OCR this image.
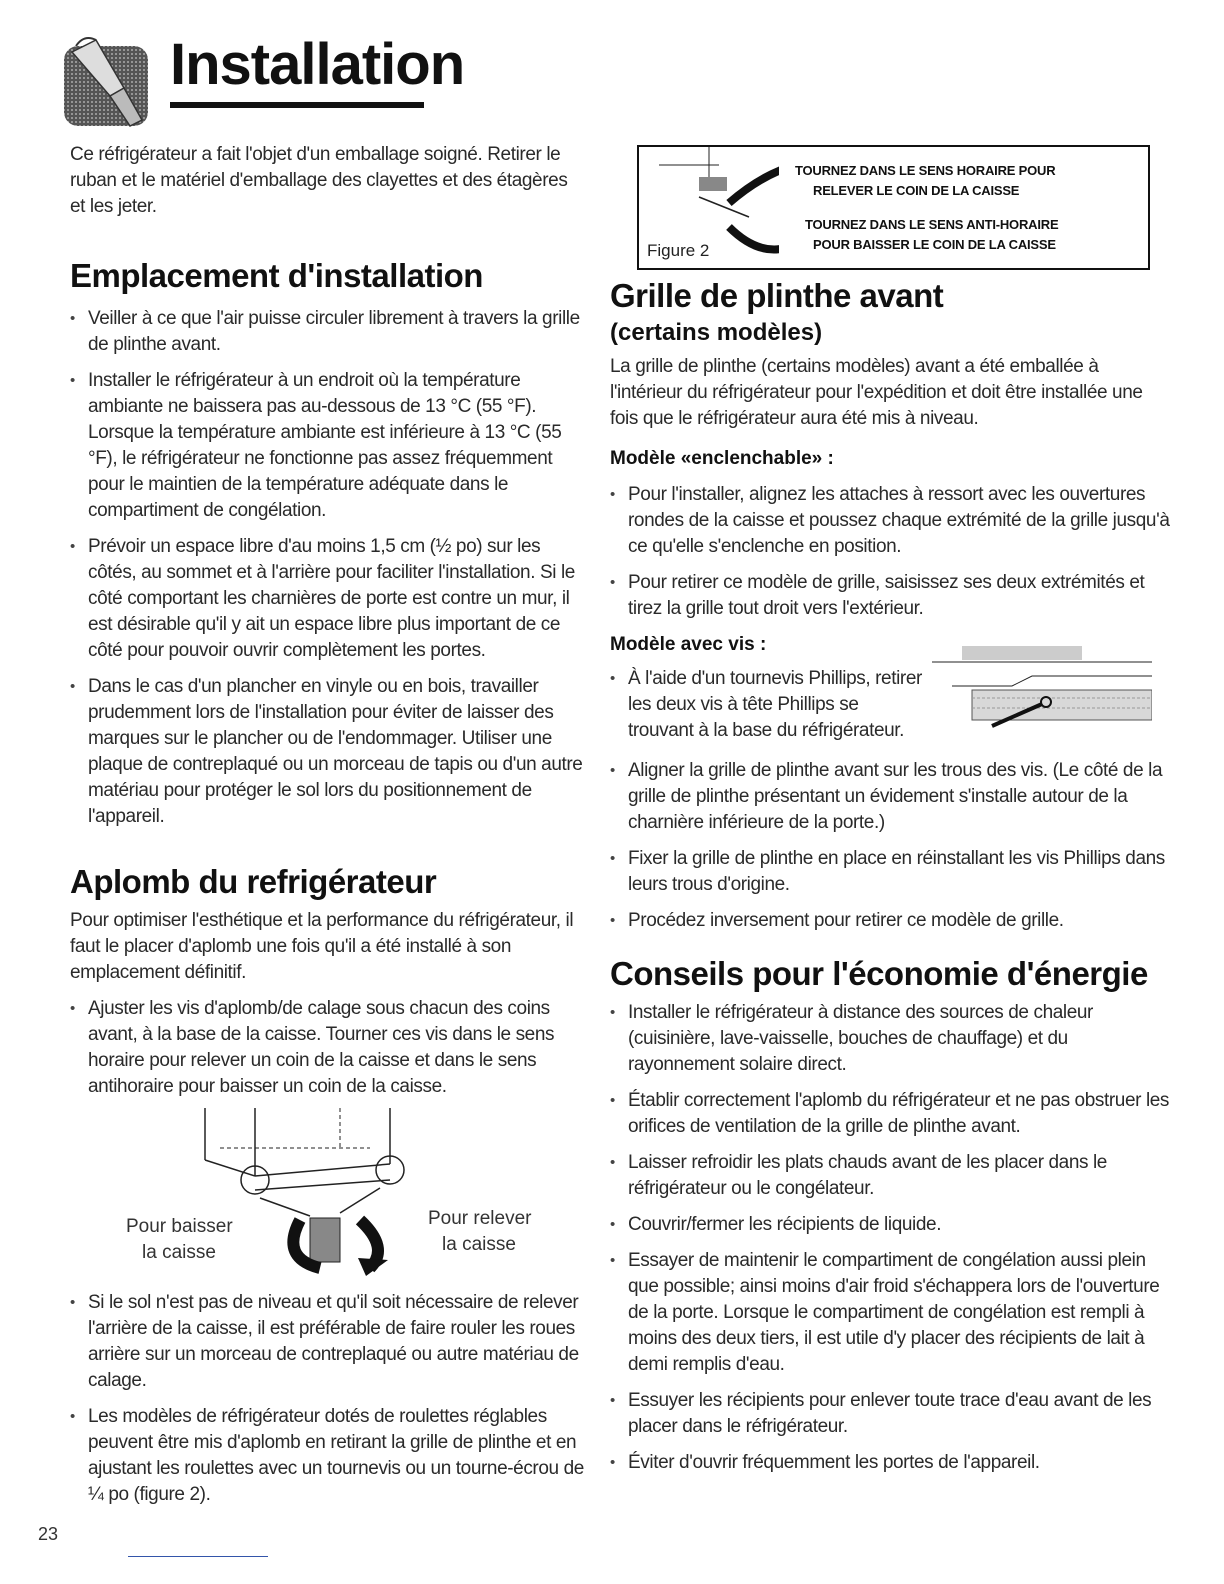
Installation

Ce réfrigérateur a fait l'objet d'un emballage soigné. Retirer le ruban et le matériel d'emballage des clayettes et des étagères et les jeter.

Emplacement d'installation
• Veiller à ce que l'air puisse circuler librement à travers la grille de plinthe avant.
• Installer le réfrigérateur à un endroit où la température ambiante ne baissera pas au-dessous de 13 °C (55 °F). Lorsque la température ambiante est inférieure à 13 °C (55 °F), le réfrigérateur ne fonctionne pas assez fréquemment pour le maintien de la température adéquate dans le compartiment de congélation.
• Prévoir un espace libre d'au moins 1,5 cm (½ po) sur les côtés, au sommet et à l'arrière pour faciliter l'installation. Si le côté comportant les charnières de porte est contre un mur, il est désirable qu'il y ait un espace libre plus important de ce côté pour pouvoir ouvrir complètement les portes.
• Dans le cas d'un plancher en vinyle ou en bois, travailler prudemment lors de l'installation pour éviter de laisser des marques sur le plancher ou de l'endommager. Utiliser une plaque de contreplaqué ou un morceau de tapis ou d'un autre matériau pour protéger le sol lors du positionnement de l'appareil.
Aplomb du refrigérateur

Pour optimiser l'esthétique et la performance du réfrigérateur, il faut le placer d'aplomb une fois qu'il a été installé à son emplacement définitif.

• Ajuster les vis d'aplomb/de calage sous chacun des coins avant, à la base de la caisse. Tourner ces vis dans le sens horaire pour relever un coin de la caisse et dans le sens antihoraire pour baisser un coin de la caisse.
Pour baisser
la caisse
Pour relever
la caisse
• Si le sol n'est pas de niveau et qu'il soit nécessaire de relever l'arrière de la caisse, il est préférable de faire rouler les roues arrière sur un morceau de contreplaqué ou autre matériau de calage.
• Les modèles de réfrigérateur dotés de roulettes réglables peuvent être mis d'aplomb en retirant la grille de plinthe et en ajustant les roulettes avec un tournevis ou un tourne-écrou de ¼ po (figure 2).
TOURNEZ DANS LE SENS HORAIRE POUR
RELEVER LE COIN DE LA CAISSE
TOURNEZ DANS LE SENS ANTI-HORAIRE
POUR BAISSER LE COIN DE LA CAISSE
Figure 2
Grille de plinthe avant
(certains modèles)

La grille de plinthe (certains modèles) avant a été emballée à l'intérieur du réfrigérateur pour l'expédition et doit être installée une fois que le réfrigérateur aura été mis à niveau.

Modèle «enclenchable» :
• Pour l'installer, alignez les attaches à ressort avec les ouvertures rondes de la caisse et poussez chaque extrémité de la grille jusqu'à ce qu'elle s'enclenche en position.
• Pour retirer ce modèle de grille, saisissez ses deux extrémités et tirez la grille tout droit vers l'extérieur.
Modèle avec vis :
• À l'aide d'un tournevis Phillips, retirer les deux vis à tête Phillips se trouvant à la base du réfrigérateur.
• Aligner la grille de plinthe avant sur les trous des vis. (Le côté de la grille de plinthe présentant un évidement s'installe autour de la charnière inférieure de la porte.)
• Fixer la grille de plinthe en place en réinstallant les vis Phillips dans leurs trous d'origine.
• Procédez inversement pour retirer ce modèle de grille.
Conseils pour l'économie d'énergie
• Installer le réfrigérateur à distance des sources de chaleur (cuisinière, lave-vaisselle, bouches de chauffage) et du rayonnement solaire direct.
• Établir correctement l'aplomb du réfrigérateur et ne pas obstruer les orifices de ventilation de la grille de plinthe avant.
• Laisser refroidir les plats chauds avant de les placer dans le réfrigérateur ou le congélateur.
• Couvrir/fermer les récipients de liquide.
• Essayer de maintenir le compartiment de congélation aussi plein que possible; ainsi moins d'air froid s'échappera lors de l'ouverture de la porte. Lorsque le compartiment de congélation est rempli à moins des deux tiers, il est utile d'y placer des récipients de lait à demi remplis d'eau.
• Essuyer les récipients pour enlever toute trace d'eau avant de les placer dans le réfrigérateur.
• Éviter d'ouvrir fréquemment les portes de l'appareil.
23
